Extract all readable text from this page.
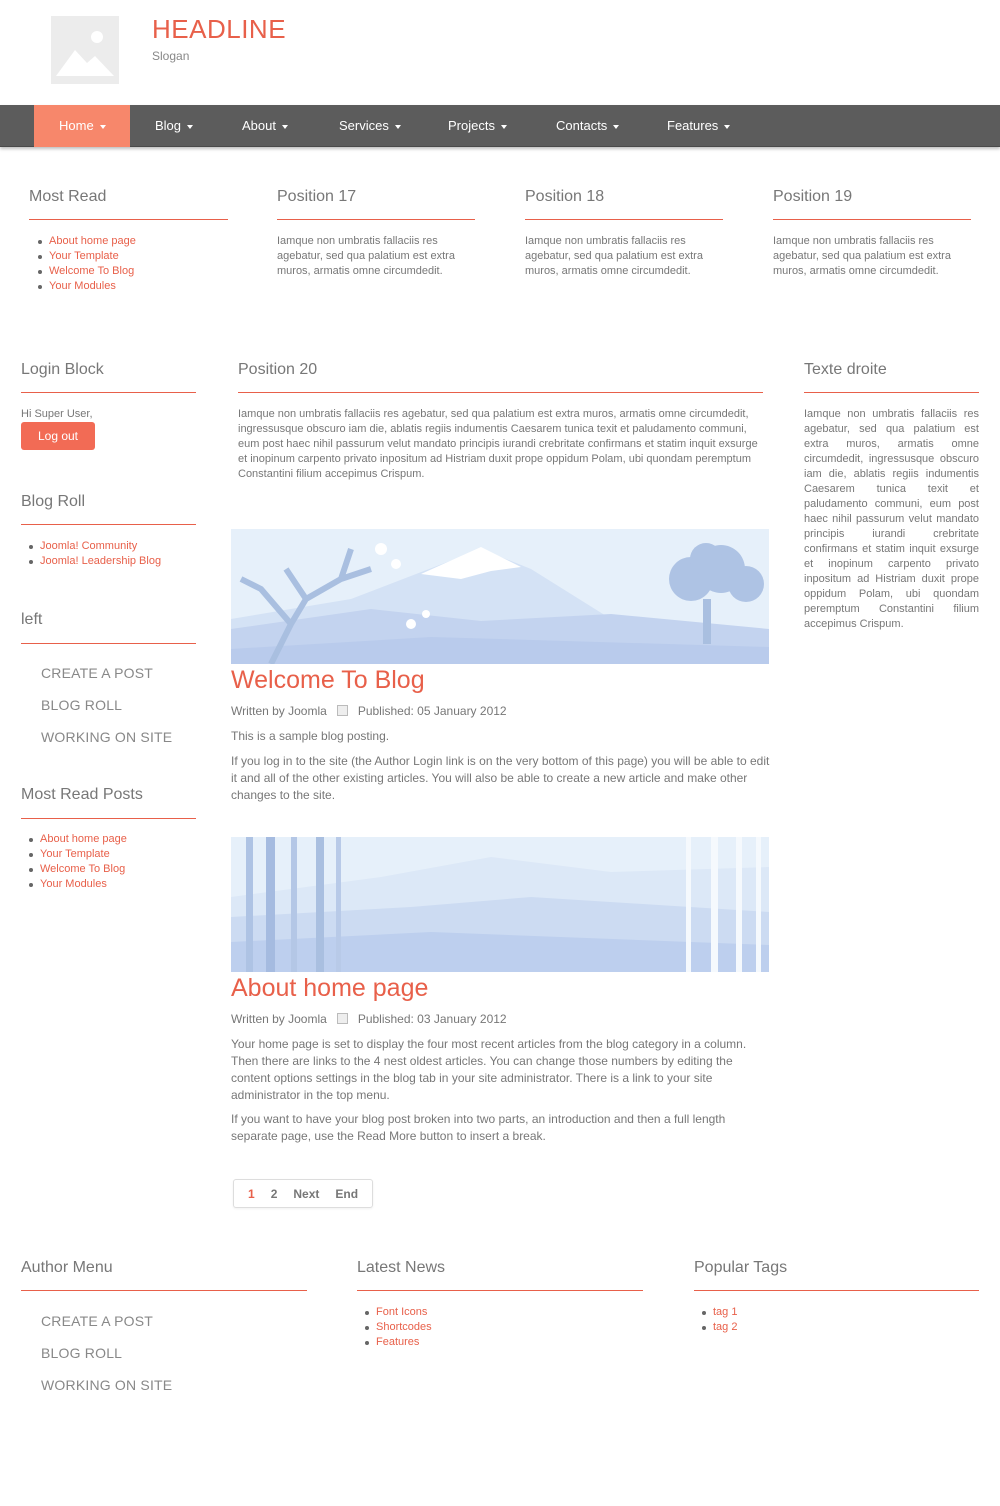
HEADLINE
Slogan
Home	Blog	About	Services	Projects	Contacts	Features
Most Read
About home page
Your Template
Welcome To Blog
Your Modules
Position 17
Iamque non umbratis fallaciis res agebatur, sed qua palatium est extra muros, armatis omne circumdedit.
Position 18
Iamque non umbratis fallaciis res agebatur, sed qua palatium est extra muros, armatis omne circumdedit.
Position 19
Iamque non umbratis fallaciis res agebatur, sed qua palatium est extra muros, armatis omne circumdedit.
Login Block
Hi Super User,
Log out
Blog Roll
Joomla! Community
Joomla! Leadership Blog
left
CREATE A POST
BLOG ROLL
WORKING ON SITE
Most Read Posts
About home page
Your Template
Welcome To Blog
Your Modules
Position 20
Iamque non umbratis fallaciis res agebatur, sed qua palatium est extra muros, armatis omne circumdedit, ingressusque obscuro iam die, ablatis regiis indumentis Caesarem tunica texit et paludamento communi, eum post haec nihil passurum velut mandato principis iurandi crebritate confirmans et statim inquit exsurge et inopinum carpento privato inpositum ad Histriam duxit prope oppidum Polam, ubi quondam peremptum Constantini filium accepimus Crispum.
Welcome To Blog
Written by Joomla	Published: 05 January 2012
This is a sample blog posting.
If you log in to the site (the Author Login link is on the very bottom of this page) you will be able to edit it and all of the other existing articles. You will also be able to create a new article and make other changes to the site.
About home page
Written by Joomla	Published: 03 January 2012
Your home page is set to display the four most recent articles from the blog category in a column. Then there are links to the 4 nest oldest articles. You can change those numbers by editing the content options settings in the blog tab in your site administrator. There is a link to your site administrator in the top menu.
If you want to have your blog post broken into two parts, an introduction and then a full length separate page, use the Read More button to insert a break.
1	2	Next	End
Texte droite
Iamque non umbratis fallaciis res agebatur, sed qua palatium est extra muros, armatis omne circumdedit, ingressusque obscuro iam die, ablatis regiis indumentis Caesarem tunica texit et paludamento communi, eum post haec nihil passurum velut mandato principis iurandi crebritate confirmans et statim inquit exsurge et inopinum carpento privato inpositum ad Histriam duxit prope oppidum Polam, ubi quondam peremptum Constantini filium accepimus Crispum.
Author Menu
CREATE A POST
BLOG ROLL
WORKING ON SITE
Latest News
Font Icons
Shortcodes
Features
Popular Tags
tag 1
tag 2
